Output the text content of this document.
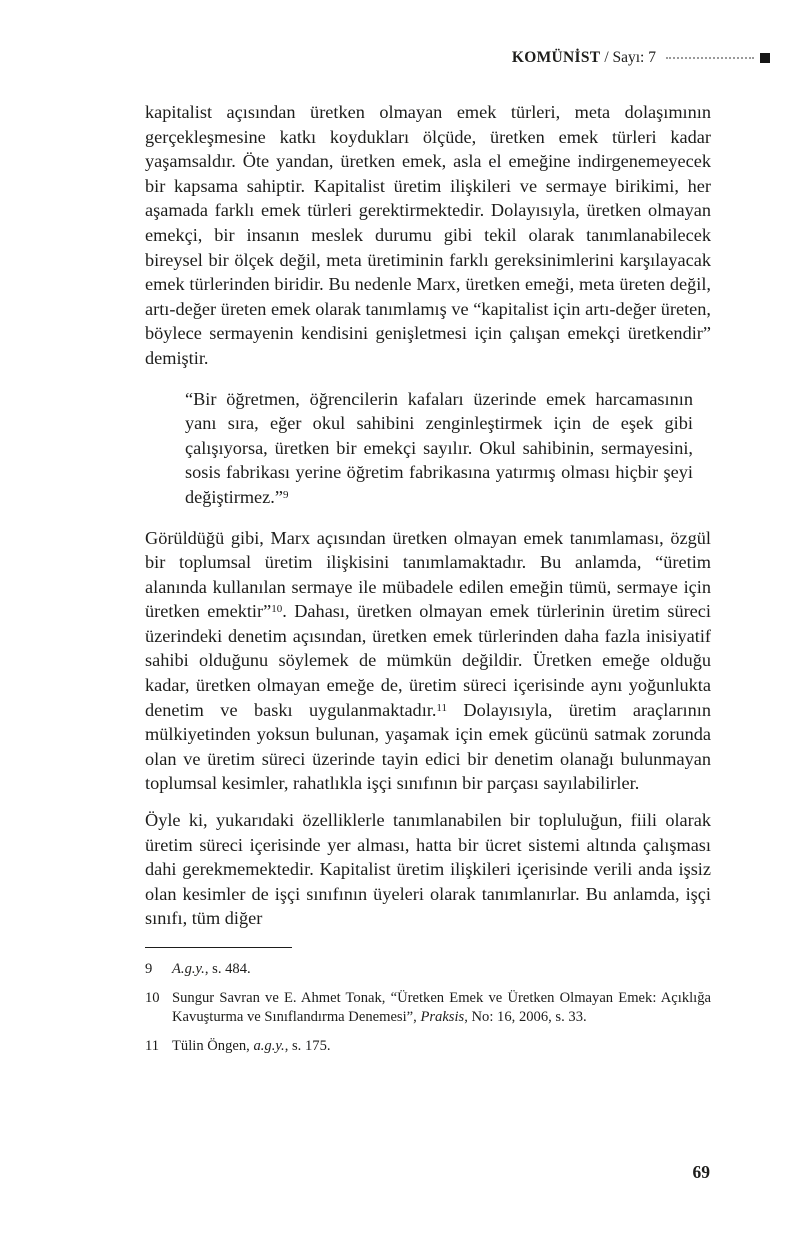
KOMÜNİST / Sayı: 7

kapitalist açısından üretken olmayan emek türleri, meta dolaşımının gerçekleşmesine katkı koydukları ölçüde, üretken emek türleri kadar yaşamsaldır. Öte yandan, üretken emek, asla el emeğine indirgenemeyecek bir kapsama sahiptir. Kapitalist üretim ilişkileri ve sermaye birikimi, her aşamada farklı emek türleri gerektirmektedir. Dolayısıyla, üretken olmayan emekçi, bir insanın meslek durumu gibi tekil olarak tanımlanabilecek bireysel bir ölçek değil, meta üretiminin farklı gereksinimlerini karşılayacak emek türlerinden biridir. Bu nedenle Marx, üretken emeği, meta üreten değil, artı-değer üreten emek olarak tanımlamış ve “kapitalist için artı-değer üreten, böylece sermayenin kendisini genişletmesi için çalışan emekçi üretkendir” demiştir.

“Bir öğretmen, öğrencilerin kafaları üzerinde emek harcamasının yanı sıra, eğer okul sahibini zenginleştirmek için de eşek gibi çalışıyorsa, üretken bir emekçi sayılır. Okul sahibinin, sermayesini, sosis fabrikası yerine öğretim fabrikasına yatırmış olması hiçbir şeyi değiştirmez.”$^9$

Görüldüğü gibi, Marx açısından üretken olmayan emek tanımlaması, özgül bir toplumsal üretim ilişkisini tanımlamaktadır. Bu anlamda, “üretim alanında kullanılan sermaye ile mübadele edilen emeğin tümü, sermaye için üretken emektir”$^{10}$. Dahası, üretken olmayan emek türlerinin üretim süreci üzerindeki denetim açısından, üretken emek türlerinden daha fazla inisiyatif sahibi olduğunu söylemek de mümkün değildir. Üretken emeğe olduğu kadar, üretken olmayan emeğe de, üretim süreci içerisinde aynı yoğunlukta denetim ve baskı uygulanmaktadır.$^{11}$ Dolayısıyla, üretim araçlarının mülkiyetinden yoksun bulunan, yaşamak için emek gücünü satmak zorunda olan ve üretim süreci üzerinde tayin edici bir denetim olanağı bulunmayan toplumsal kesimler, rahatlıkla işçi sınıfının bir parçası sayılabilirler.

Öyle ki, yukarıdaki özelliklerle tanımlanabilen bir topluluğun, fiili olarak üretim süreci içerisinde yer alması, hatta bir ücret sistemi altında çalışması dahi gerekmemektedir. Kapitalist üretim ilişkileri içerisinde verili anda işsiz olan kesimler de işçi sınıfının üyeleri olarak tanımlanırlar. Bu anlamda, işçi sınıfı, tüm diğer

9 A.g.y., s. 484.
10 Sungur Savran ve E. Ahmet Tonak, “Üretken Emek ve Üretken Olmayan Emek: Açıklığa Kavuşturma ve Sınıflandırma Denemesi”, Praksis, No: 16, 2006, s. 33.
11 Tülin Öngen, a.g.y., s. 175.
69
